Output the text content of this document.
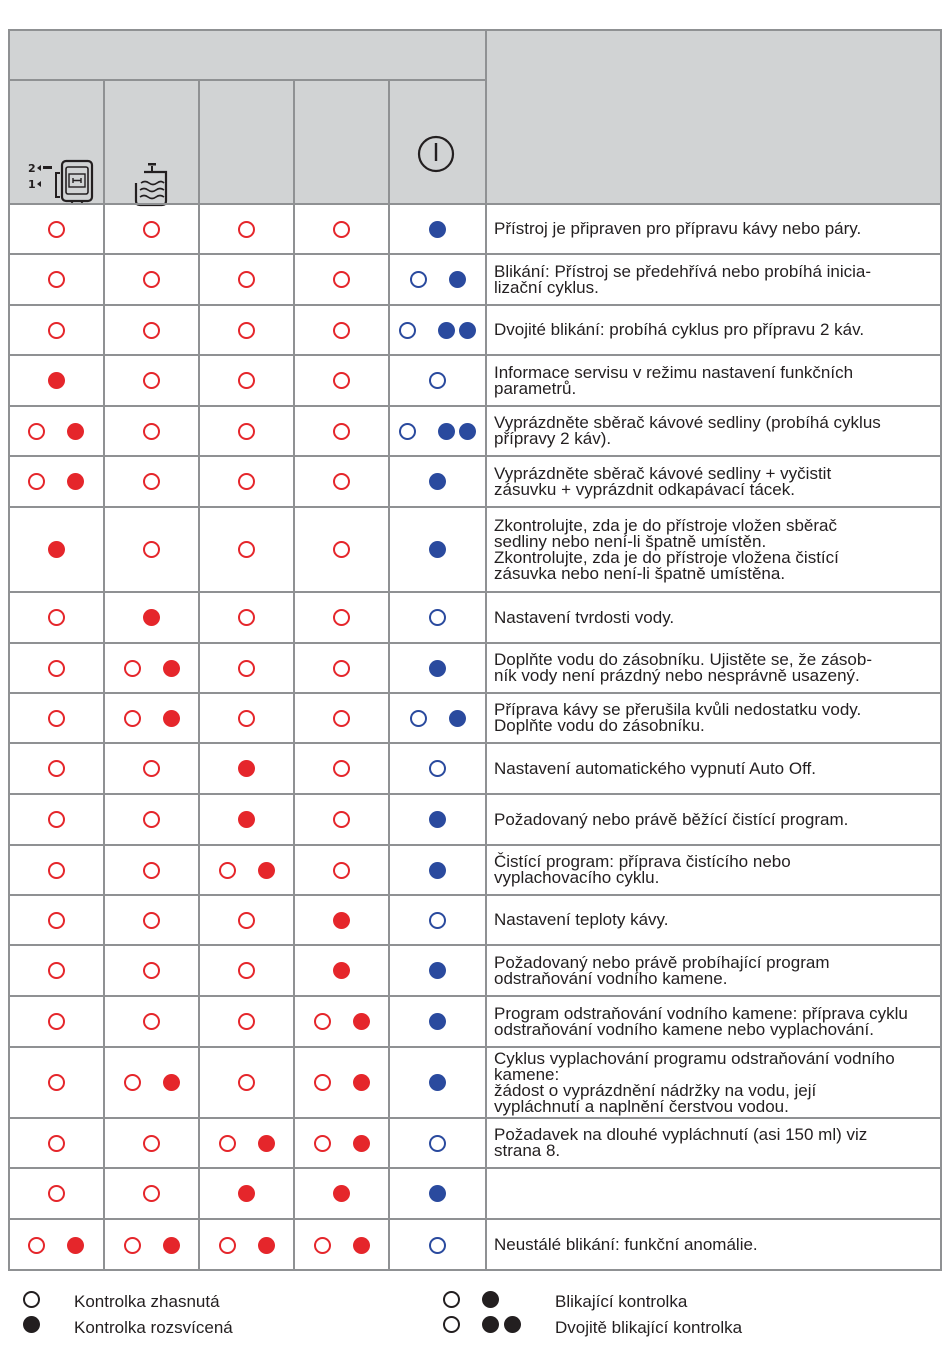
2
1
Přístroj je připraven pro přípravu kávy nebo páry.
Blikání: Přístroj se předehřívá nebo probíhá inicia-
lizační cyklus.
Dvojité blikání: probíhá cyklus pro přípravu 2 káv.
Informace servisu v režimu nastavení funkčních
parametrů.
Vyprázdněte sběrač kávové sedliny (probíhá cyklus
přípravy 2 káv).
Vyprázdněte sběrač kávové sedliny + vyčistit
zásuvku + vyprázdnit odkapávací tácek.
Zkontrolujte, zda je do přístroje vložen sběrač
sedliny nebo není-li špatně umístěn.
Zkontrolujte, zda je do přístroje vložena čistící
zásuvka nebo není-li špatně umístěna.
Nastavení tvrdosti vody.
Doplňte vodu do zásobníku. Ujistěte se, že zásob-
ník vody není prázdný nebo nesprávně usazený.
Příprava kávy se přerušila kvůli nedostatku vody.
Doplňte vodu do zásobníku.
Nastavení automatického vypnutí Auto Off.
Požadovaný nebo právě běžící čistící program.
Čistící program: příprava čistícího nebo
vyplachovacího cyklu.
Nastavení teploty kávy.
Požadovaný nebo právě probíhající program
odstraňování vodního kamene.
Program odstraňování vodního kamene: příprava cyklu
odstraňování vodního kamene nebo vyplachování.
Cyklus vyplachování programu odstraňování vodního
kamene:
žádost o vyprázdnění nádržky na vodu, její
vypláchnutí a naplnění čerstvou vodou.
Požadavek na dlouhé vypláchnutí (asi 150 ml) viz
strana 8.
Neustálé blikání: funkční anomálie.
Kontrolka zhasnutá
Kontrolka rozsvícená
Blikající kontrolka
Dvojitě blikající kontrolka
